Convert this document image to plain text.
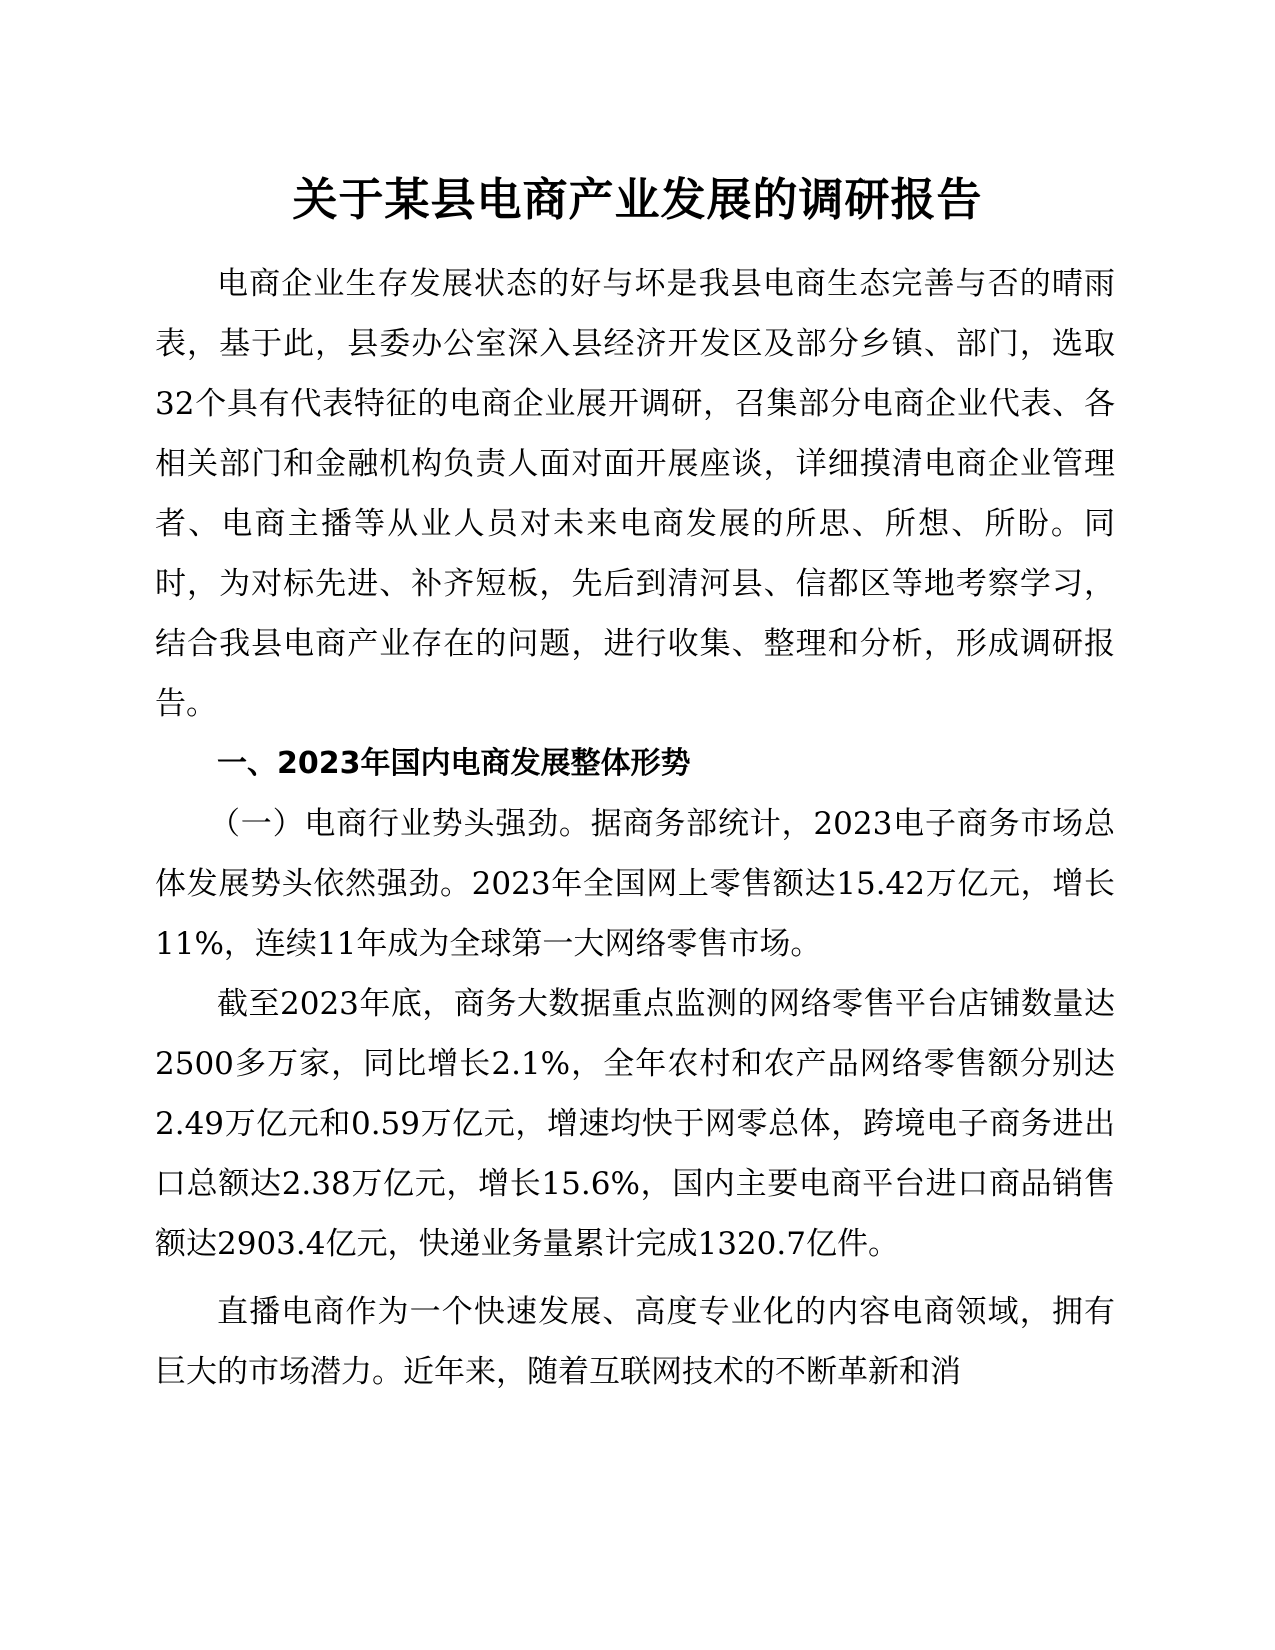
关于某县电商产业发展的调研报告

电商企业生存发展状态的好与坏是我县电商生态完善与否的晴雨表，基于此，县委办公室深入县经济开发区及部分乡镇、部门，选取32个具有代表特征的电商企业展开调研，召集部分电商企业代表、各相关部门和金融机构负责人面对面开展座谈，详细摸清电商企业管理者、电商主播等从业人员对未来电商发展的所思、所想、所盼。同时，为对标先进、补齐短板，先后到清河县、信都区等地考察学习，结合我县电商产业存在的问题，进行收集、整理和分析，形成调研报告。

一、2023年国内电商发展整体形势

（一）电商行业势头强劲。据商务部统计，2023电子商务市场总体发展势头依然强劲。2023年全国网上零售额达15.42万亿元，增长11%，连续11年成为全球第一大网络零售市场。

截至2023年底，商务大数据重点监测的网络零售平台店铺数量达2500多万家，同比增长2.1%，全年农村和农产品网络零售额分别达2.49万亿元和0.59万亿元，增速均快于网零总体，跨境电子商务进出口总额达2.38万亿元，增长15.6%，国内主要电商平台进口商品销售额达2903.4亿元，快递业务量累计完成1320.7亿件。

直播电商作为一个快速发展、高度专业化的内容电商领域，拥有巨大的市场潜力。近年来，随着互联网技术的不断革新和消
